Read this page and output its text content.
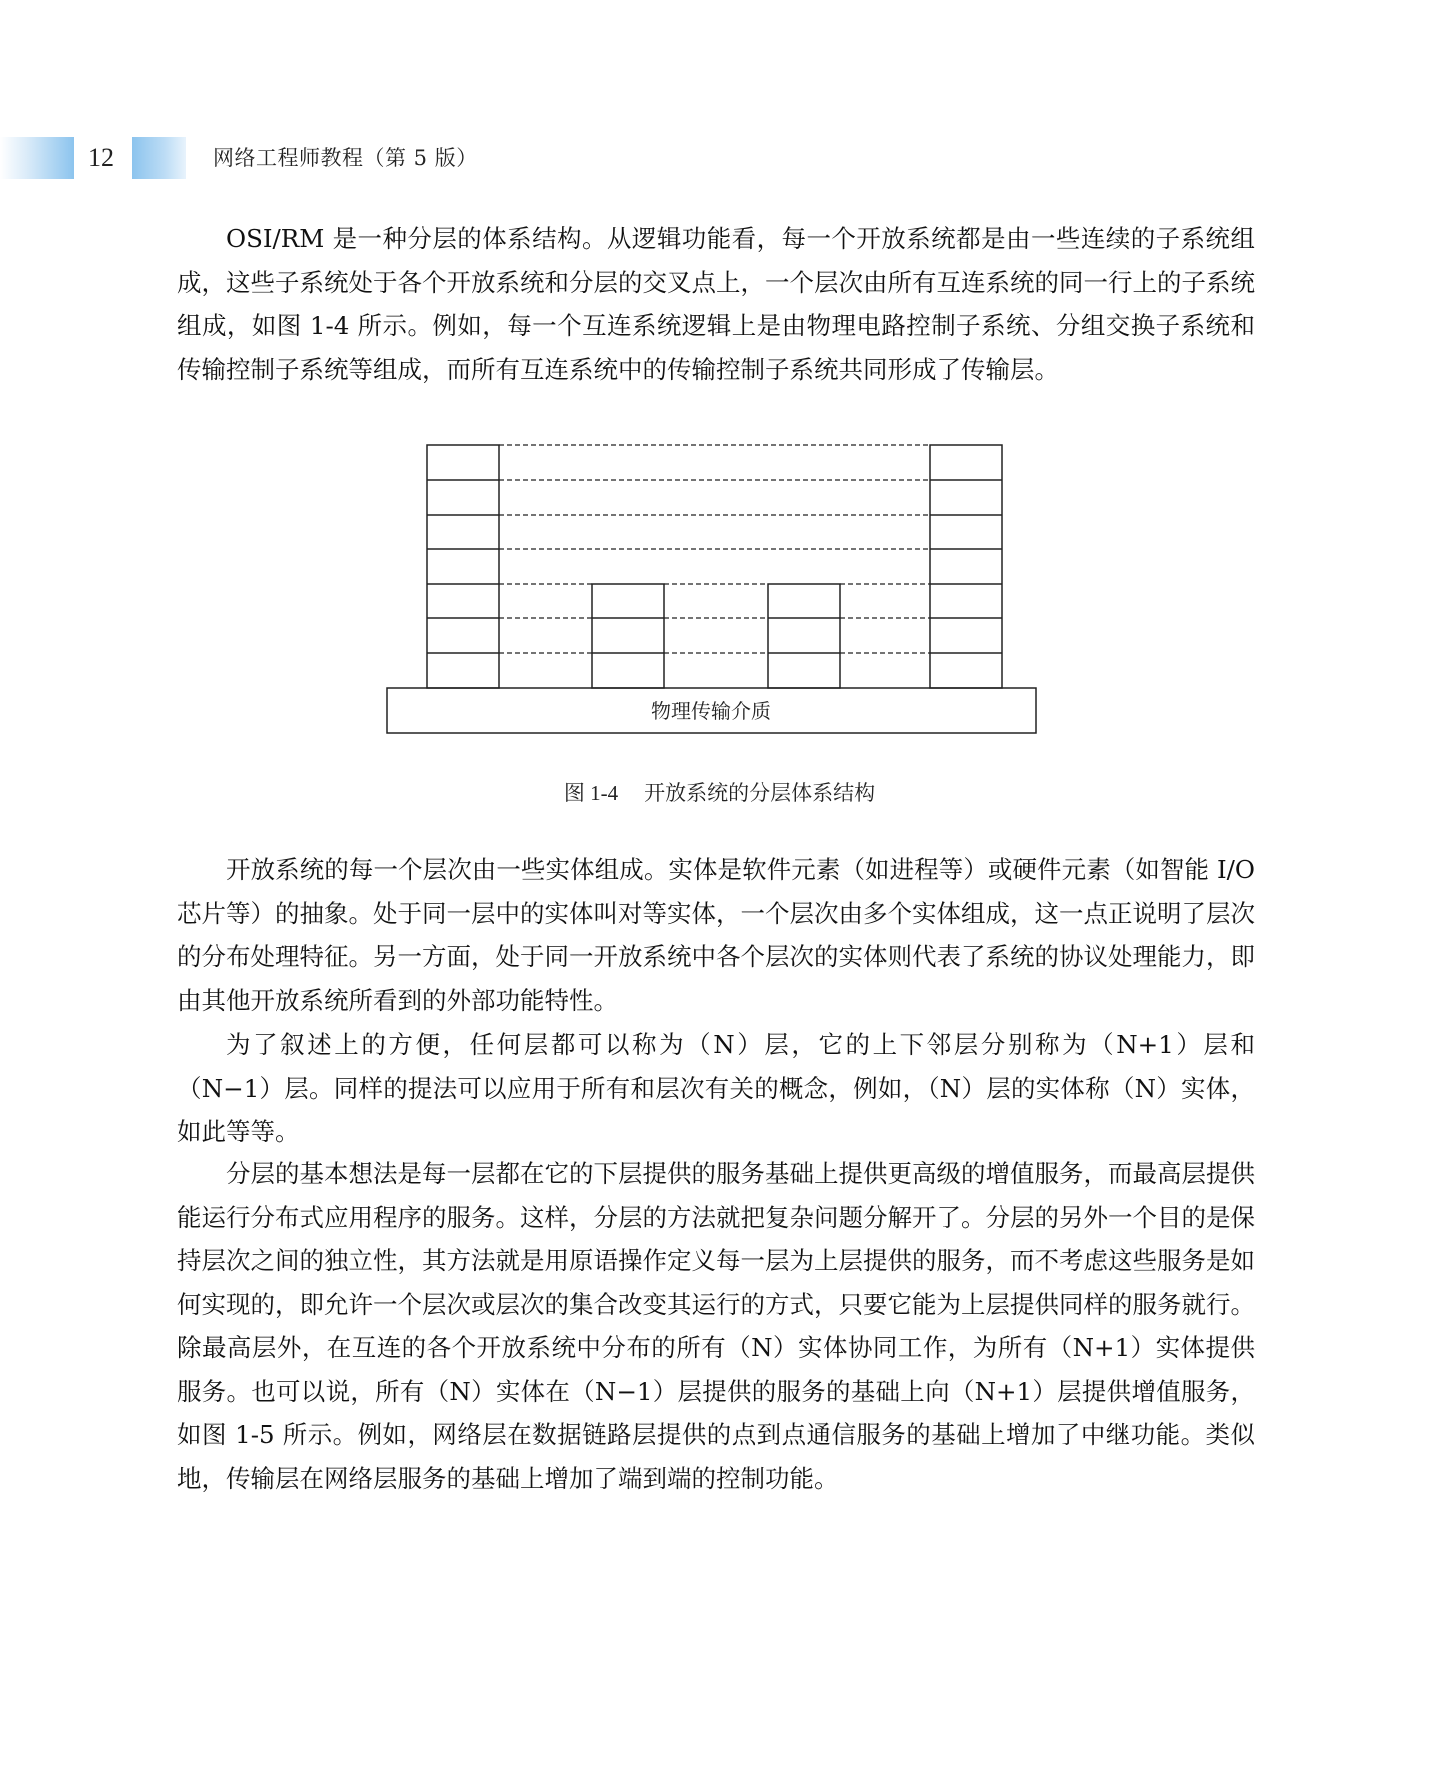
12	网络工程师教程（第 5 版）

OSI/RM 是一种分层的体系结构。从逻辑功能看，每一个开放系统都是由一些连续的子系统组成，这些子系统处于各个开放系统和分层的交叉点上，一个层次由所有互连系统的同一行上的子系统组成，如图 1-4 所示。例如，每一个互连系统逻辑上是由物理电路控制子系统、分组交换子系统和传输控制子系统等组成，而所有互连系统中的传输控制子系统共同形成了传输层。

物理传输介质
图 1-4 开放系统的分层体系结构

开放系统的每一个层次由一些实体组成。实体是软件元素（如进程等）或硬件元素（如智能 I/O 芯片等）的抽象。处于同一层中的实体叫对等实体，一个层次由多个实体组成，这一点正说明了层次的分布处理特征。另一方面，处于同一开放系统中各个层次的实体则代表了系统的协议处理能力，即由其他开放系统所看到的外部功能特性。

为了叙述上的方便，任何层都可以称为（N）层，它的上下邻层分别称为（N+1）层和（N−1）层。同样的提法可以应用于所有和层次有关的概念，例如，（N）层的实体称（N）实体，如此等等。

分层的基本想法是每一层都在它的下层提供的服务基础上提供更高级的增值服务，而最高层提供能运行分布式应用程序的服务。这样，分层的方法就把复杂问题分解开了。分层的另外一个目的是保持层次之间的独立性，其方法就是用原语操作定义每一层为上层提供的服务，而不考虑这些服务是如何实现的，即允许一个层次或层次的集合改变其运行的方式，只要它能为上层提供同样的服务就行。除最高层外，在互连的各个开放系统中分布的所有（N）实体协同工作，为所有（N+1）实体提供服务。也可以说，所有（N）实体在（N−1）层提供的服务的基础上向（N+1）层提供增值服务，如图 1-5 所示。例如，网络层在数据链路层提供的点到点通信服务的基础上增加了中继功能。类似地，传输层在网络层服务的基础上增加了端到端的控制功能。
